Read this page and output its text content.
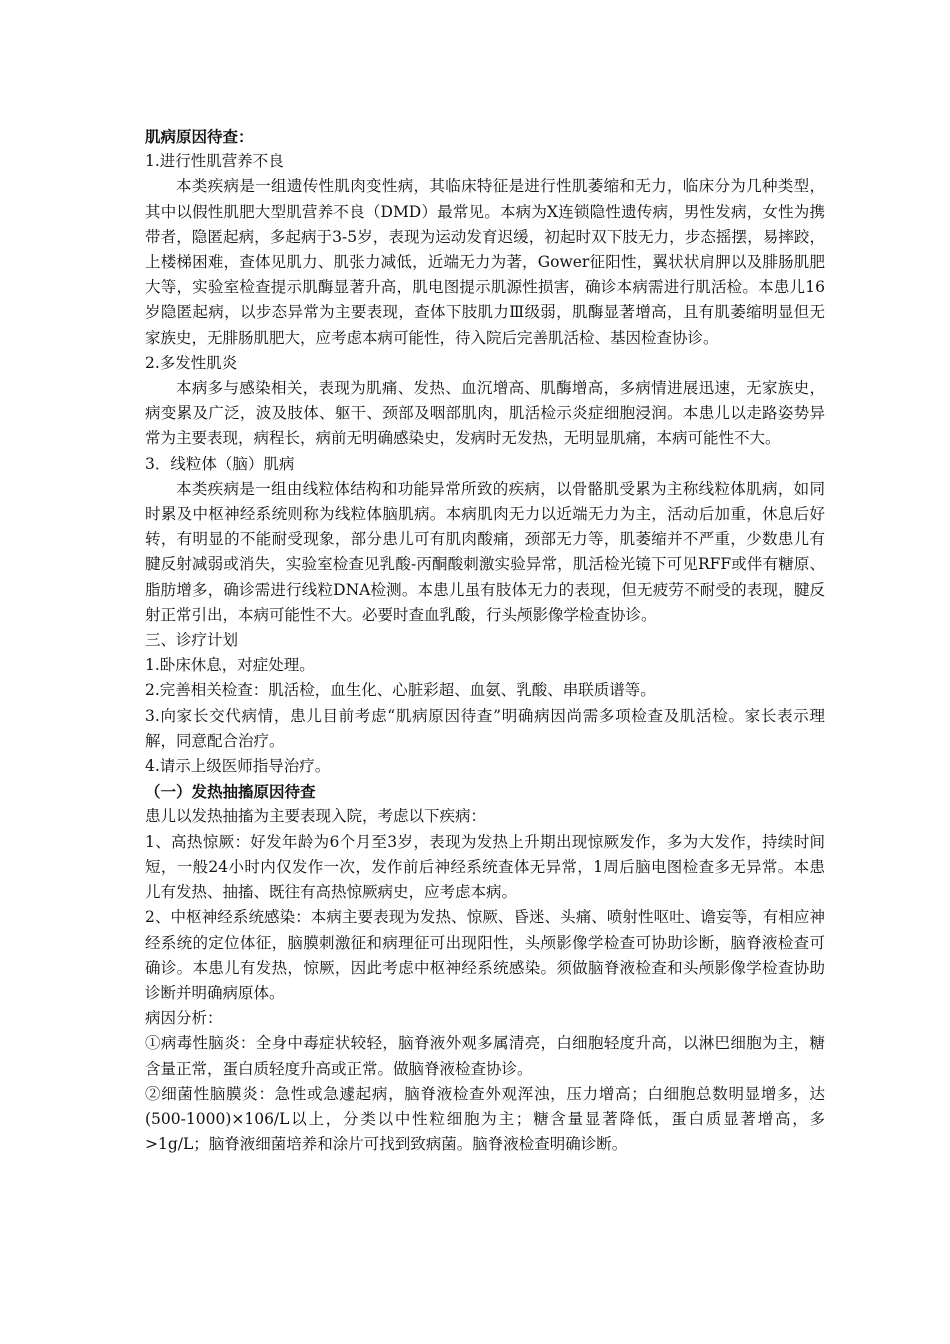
肌病原因待查：

1.进行性肌营养不良

本类疾病是一组遗传性肌肉变性病，其临床特征是进行性肌萎缩和无力，临床分为几种类型，其中以假性肌肥大型肌营养不良（DMD）最常见。本病为X连锁隐性遗传病，男性发病，女性为携带者，隐匿起病，多起病于3-5岁，表现为运动发育迟缓，初起时双下肢无力，步态摇摆，易摔跤，上楼梯困难，查体见肌力、肌张力减低，近端无力为著，Gower征阳性，翼状状肩胛以及腓肠肌肥大等，实验室检查提示肌酶显著升高，肌电图提示肌源性损害，确诊本病需进行肌活检。本患儿16岁隐匿起病，以步态异常为主要表现，查体下肢肌力Ⅲ级弱，肌酶显著增高，且有肌萎缩明显但无家族史，无腓肠肌肥大，应考虑本病可能性，待入院后完善肌活检、基因检查协诊。

2.多发性肌炎

本病多与感染相关，表现为肌痛、发热、血沉增高、肌酶增高，多病情进展迅速，无家族史，病变累及广泛，波及肢体、躯干、颈部及咽部肌肉，肌活检示炎症细胞浸润。本患儿以走路姿势异常为主要表现，病程长，病前无明确感染史，发病时无发热，无明显肌痛，本病可能性不大。

3．线粒体（脑）肌病

本类疾病是一组由线粒体结构和功能异常所致的疾病，以骨骼肌受累为主称线粒体肌病，如同时累及中枢神经系统则称为线粒体脑肌病。本病肌肉无力以近端无力为主，活动后加重，休息后好转，有明显的不能耐受现象，部分患儿可有肌肉酸痛，颈部无力等，肌萎缩并不严重，少数患儿有腱反射减弱或消失，实验室检查见乳酸-丙酮酸刺激实验异常，肌活检光镜下可见RFF或伴有糖原、脂肪增多，确诊需进行线粒DNA检测。本患儿虽有肢体无力的表现，但无疲劳不耐受的表现，腱反射正常引出，本病可能性不大。必要时查血乳酸，行头颅影像学检查协诊。

三、诊疗计划

1.卧床休息，对症处理。

2.完善相关检查：肌活检，血生化、心脏彩超、血氨、乳酸、串联质谱等。

3.向家长交代病情，患儿目前考虑“肌病原因待查”明确病因尚需多项检查及肌活检。家长表示理解，同意配合治疗。

4.请示上级医师指导治疗。

（一）发热抽搐原因待查

患儿以发热抽搐为主要表现入院，考虑以下疾病：

1、高热惊厥：好发年龄为6个月至3岁，表现为发热上升期出现惊厥发作，多为大发作，持续时间短，一般24小时内仅发作一次，发作前后神经系统查体无异常，1周后脑电图检查多无异常。本患儿有发热、抽搐、既往有高热惊厥病史，应考虑本病。

2、中枢神经系统感染：本病主要表现为发热、惊厥、昏迷、头痛、喷射性呕吐、谵妄等，有相应神经系统的定位体征，脑膜刺激征和病理征可出现阳性，头颅影像学检查可协助诊断，脑脊液检查可确诊。本患儿有发热，惊厥，因此考虑中枢神经系统感染。须做脑脊液检查和头颅影像学检查协助诊断并明确病原体。

病因分析：

①病毒性脑炎：全身中毒症状较轻，脑脊液外观多属清亮，白细胞轻度升高，以淋巴细胞为主，糖含量正常，蛋白质轻度升高或正常。做脑脊液检查协诊。

②细菌性脑膜炎：急性或急遽起病，脑脊液检查外观浑浊，压力增高；白细胞总数明显增多，达(500-1000)×106/L以上，分类以中性粒细胞为主；糖含量显著降低，蛋白质显著增高，多>1g/L；脑脊液细菌培养和涂片可找到致病菌。脑脊液检查明确诊断。
